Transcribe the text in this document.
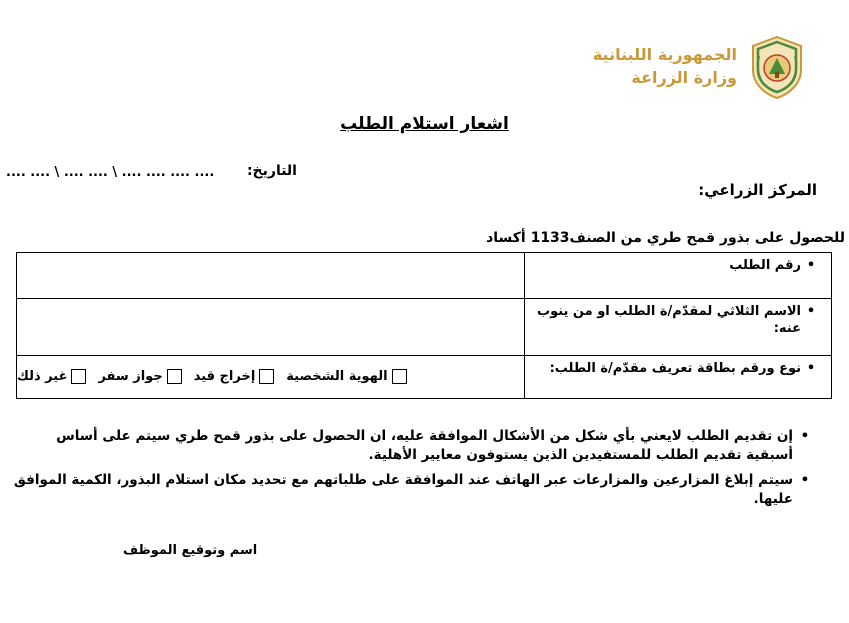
الجمهورية اللبنانية
وزارة الزراعة
اشعار استلام الطلب
التاريخ:
.... .... \ .... .... \ .... .... .... ....
المركز الزراعي:
للحصول على بذور قمح طري من الصنف1133 أكساد
•
رقم الطلب	

•
الاسم الثلاثي لمقدّم/ة الطلب او من ينوب عنه:	

•
نوع ورقم بطاقة تعريف مقدّم/ة الطلب:	الهوية الشخصية
إخراج قيد
جواز سفر
غير ذلك
•
إن تقديم الطلب لايعني بأي شكل من الأشكال الموافقة عليه، ان الحصول على بذور قمح طري سيتم على أساس أسبقية تقديم الطلب للمستفيدين الذين يستوفون معايير الأهلية.
•
سيتم إبلاغ المزارعين والمزارعات عبر الهاتف عند الموافقة على طلباتهم مع تحديد مكان استلام البذور، الكمية الموافق عليها.
اسم وتوقيع الموظف
